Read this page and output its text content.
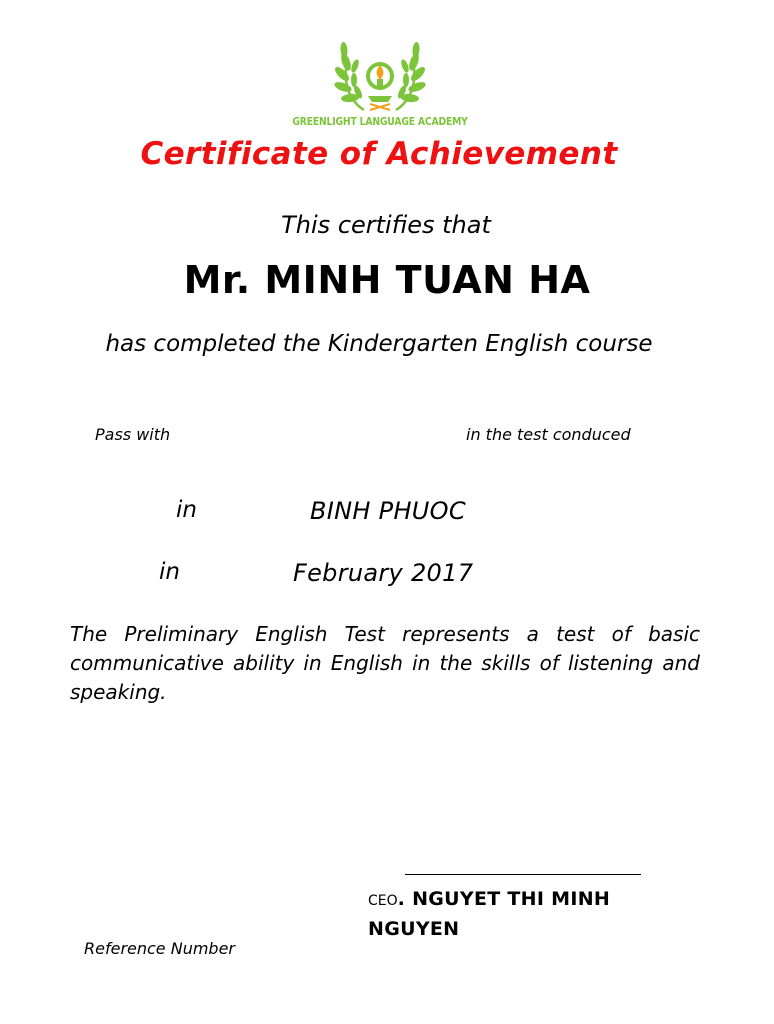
GREENLIGHT LANGUAGE ACADEMY
Certificate of Achievement
This certifies that
Mr. MINH TUAN HA
has completed the Kindergarten English course
Pass with	in the test conduced
in	BINH PHUOC
in	February 2017
The Preliminary English Test represents a test of basic communicative ability in English in the skills of listening and speaking.
CEO. NGUYET THI MINH NGUYEN
Reference Number
